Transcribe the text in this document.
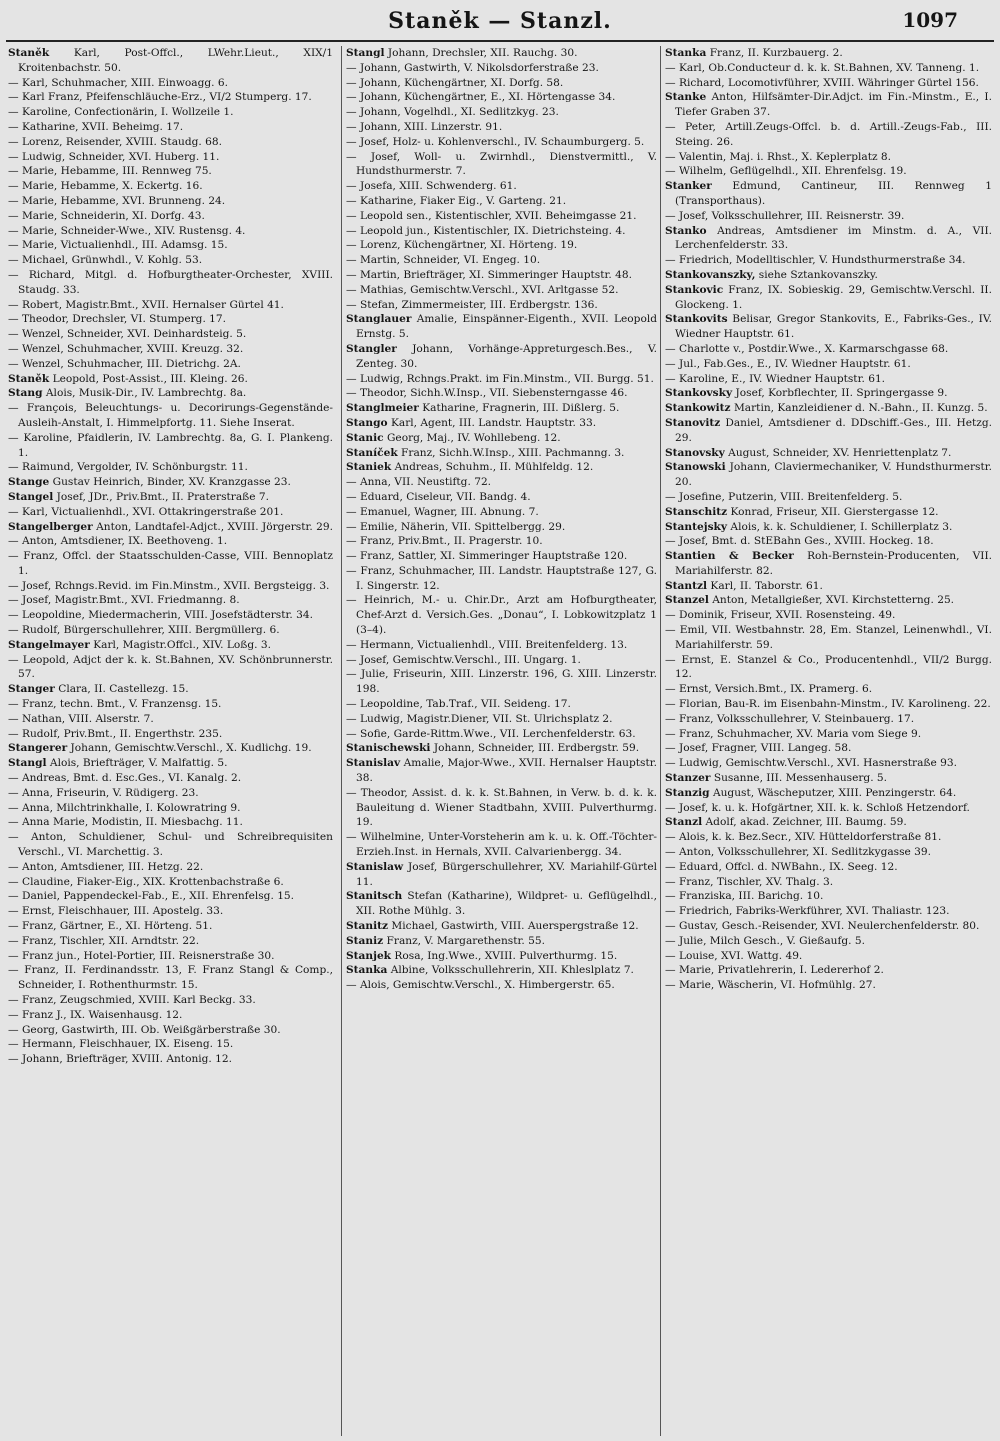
Staněk — Stanzl.	1097

Staněk Karl, Post-Offcl., LWehr.Lieut., XIX/1 Kroitenbachstr. 50.

— Karl, Schuhmacher, XIII. Einwoagg. 6.

— Karl Franz, Pfeifenschläuche-Erz., VI/2 Stumperg. 17.

— Karoline, Confectionärin, I. Wollzeile 1.

— Katharine, XVII. Beheimg. 17.

— Lorenz, Reisender, XVIII. Staudg. 68.

— Ludwig, Schneider, XVI. Huberg. 11.

— Marie, Hebamme, III. Rennweg 75.

— Marie, Hebamme, X. Eckertg. 16.

— Marie, Hebamme, XVI. Brunneng. 24.

— Marie, Schneiderin, XI. Dorfg. 43.

— Marie, Schneider-Wwe., XIV. Rustensg. 4.

— Marie, Victualienhdl., III. Adamsg. 15.

— Michael, Grünwhdl., V. Kohlg. 53.

— Richard, Mitgl. d. Hofburgtheater-Orchester, XVIII. Staudg. 33.

— Robert, Magistr.Bmt., XVII. Hernalser Gürtel 41.

— Theodor, Drechsler, VI. Stumperg. 17.

— Wenzel, Schneider, XVI. Deinhardsteig. 5.

— Wenzel, Schuhmacher, XVIII. Kreuzg. 32.

— Wenzel, Schuhmacher, III. Dietrichg. 2A.

Staněk Leopold, Post-Assist., III. Kleing. 26.

Stang Alois, Musik-Dir., IV. Lambrechtg. 8a.

— François, Beleuchtungs- u. Decorirungs-Gegenstände-Ausleih-Anstalt, I. Himmelpfortg. 11. Siehe Inserat.

— Karoline, Pfaidlerin, IV. Lambrechtg. 8a, G. I. Plankeng. 1.

— Raimund, Vergolder, IV. Schönburgstr. 11.

Stange Gustav Heinrich, Binder, XV. Kranzgasse 23.

Stangel Josef, JDr., Priv.Bmt., II. Praterstraße 7.

— Karl, Victualienhdl., XVI. Ottakringerstraße 201.

Stangelberger Anton, Landtafel-Adjct., XVIII. Jörgerstr. 29.

— Anton, Amtsdiener, IX. Beethoveng. 1.

— Franz, Offcl. der Staatsschulden-Casse, VIII. Bennoplatz 1.

— Josef, Rchngs.Revid. im Fin.Minstm., XVII. Bergsteigg. 3.

— Josef, Magistr.Bmt., XVI. Friedmanng. 8.

— Leopoldine, Miedermacherin, VIII. Josefstädterstr. 34.

— Rudolf, Bürgerschullehrer, XIII. Bergmüllerg. 6.

Stangelmayer Karl, Magistr.Offcl., XIV. Loßg. 3.

— Leopold, Adjct der k. k. St.Bahnen, XV. Schönbrunnerstr. 57.

Stanger Clara, II. Castellezg. 15.

— Franz, techn. Bmt., V. Franzensg. 15.

— Nathan, VIII. Alserstr. 7.

— Rudolf, Priv.Bmt., II. Engerthstr. 235.

Stangerer Johann, Gemischtw.Verschl., X. Kudlichg. 19.

Stangl Alois, Briefträger, V. Malfattig. 5.

— Andreas, Bmt. d. Esc.Ges., VI. Kanalg. 2.

— Anna, Friseurin, V. Rüdigerg. 23.

— Anna, Milchtrinkhalle, I. Kolowratring 9.

— Anna Marie, Modistin, II. Miesbachg. 11.

— Anton, Schuldiener, Schul- und Schreibrequisiten Verschl., VI. Marchettig. 3.

— Anton, Amtsdiener, III. Hetzg. 22.

— Claudine, Fiaker-Eig., XIX. Krottenbachstraße 6.

— Daniel, Pappendeckel-Fab., E., XII. Ehrenfelsg. 15.

— Ernst, Fleischhauer, III. Apostelg. 33.

— Franz, Gärtner, E., XI. Hörteng. 51.

— Franz, Tischler, XII. Arndtstr. 22.

— Franz jun., Hotel-Portier, III. Reisnerstraße 30.

— Franz, II. Ferdinandsstr. 13, F. Franz Stangl & Comp., Schneider, I. Rothenthurmstr. 15.

— Franz, Zeugschmied, XVIII. Karl Beckg. 33.

— Franz J., IX. Waisenhausg. 12.

— Georg, Gastwirth, III. Ob. Weißgärberstraße 30.

— Hermann, Fleischhauer, IX. Eiseng. 15.

— Johann, Briefträger, XVIII. Antonig. 12.

Stangl Johann, Drechsler, XII. Rauchg. 30.

— Johann, Gastwirth, V. Nikolsdorferstraße 23.

— Johann, Küchengärtner, XI. Dorfg. 58.

— Johann, Küchengärtner, E., XI. Hörtengasse 34.

— Johann, Vogelhdl., XI. Sedlitzkyg. 23.

— Johann, XIII. Linzerstr. 91.

— Josef, Holz- u. Kohlenverschl., IV. Schaumburgerg. 5.

— Josef, Woll- u. Zwirnhdl., Dienstvermittl., V. Hundsthurmerstr. 7.

— Josefa, XIII. Schwenderg. 61.

— Katharine, Fiaker Eig., V. Garteng. 21.

— Leopold sen., Kistentischler, XVII. Beheimgasse 21.

— Leopold jun., Kistentischler, IX. Dietrichsteing. 4.

— Lorenz, Küchengärtner, XI. Hörteng. 19.

— Martin, Schneider, VI. Engeg. 10.

— Martin, Briefträger, XI. Simmeringer Hauptstr. 48.

— Mathias, Gemischtw.Verschl., XVI. Arltgasse 52.

— Stefan, Zimmermeister, III. Erdbergstr. 136.

Stanglauer Amalie, Einspänner-Eigenth., XVII. Leopold Ernstg. 5.

Stangler Johann, Vorhänge-Appreturgesch.Bes., V. Zenteg. 30.

— Ludwig, Rchngs.Prakt. im Fin.Minstm., VII. Burgg. 51.

— Theodor, Sichh.W.Insp., VII. Siebensterngasse 46.

Stanglmeier Katharine, Fragnerin, III. Dißlerg. 5.

Stango Karl, Agent, III. Landstr. Hauptstr. 33.

Stanic Georg, Maj., IV. Wohllebeng. 12.

Staníček Franz, Sichh.W.Insp., XIII. Pachmanng. 3.

Staniek Andreas, Schuhm., II. Mühlfeldg. 12.

— Anna, VII. Neustiftg. 72.

— Eduard, Ciseleur, VII. Bandg. 4.

— Emanuel, Wagner, III. Abnung. 7.

— Emilie, Näherin, VII. Spittelbergg. 29.

— Franz, Priv.Bmt., II. Pragerstr. 10.

— Franz, Sattler, XI. Simmeringer Hauptstraße 120.

— Franz, Schuhmacher, III. Landstr. Hauptstraße 127, G. I. Singerstr. 12.

— Heinrich, M.- u. Chir.Dr., Arzt am Hofburgtheater, Chef-Arzt d. Versich.Ges. „Donau“, I. Lobkowitzplatz 1 (3–4).

— Hermann, Victualienhdl., VIII. Breitenfelderg. 13.

— Josef, Gemischtw.Verschl., III. Ungarg. 1.

— Julie, Friseurin, XIII. Linzerstr. 196, G. XIII. Linzerstr. 198.

— Leopoldine, Tab.Traf., VII. Seideng. 17.

— Ludwig, Magistr.Diener, VII. St. Ulrichsplatz 2.

— Sofie, Garde-Rittm.Wwe., VII. Lerchenfelderstr. 63.

Stanischewski Johann, Schneider, III. Erdbergstr. 59.

Stanislav Amalie, Major-Wwe., XVII. Hernalser Hauptstr. 38.

— Theodor, Assist. d. k. k. St.Bahnen, in Verw. b. d. k. k. Bauleitung d. Wiener Stadtbahn, XVIII. Pulverthurmg. 19.

— Wilhelmine, Unter-Vorsteherin am k. u. k. Off.-Töchter-Erzieh.Inst. in Hernals, XVII. Calvarienbergg. 34.

Stanislaw Josef, Bürgerschullehrer, XV. Mariahilf-Gürtel 11.

Stanitsch Stefan (Katharine), Wildpret- u. Geflügelhdl., XII. Rothe Mühlg. 3.

Stanitz Michael, Gastwirth, VIII. Auerspergstraße 12.

Staniz Franz, V. Margarethenstr. 55.

Stanjek Rosa, Ing.Wwe., XVIII. Pulverthurmg. 15.

Stanka Albine, Volksschullehrerin, XII. Khleslplatz 7.

— Alois, Gemischtw.Verschl., X. Himbergerstr. 65.

Stanka Franz, II. Kurzbauerg. 2.

— Karl, Ob.Conducteur d. k. k. St.Bahnen, XV. Tanneng. 1.

— Richard, Locomotivführer, XVIII. Währinger Gürtel 156.

Stanke Anton, Hilfsämter-Dir.Adjct. im Fin.-Minstm., E., I. Tiefer Graben 37.

— Peter, Artill.Zeugs-Offcl. b. d. Artill.-Zeugs-Fab., III. Steing. 26.

— Valentin, Maj. i. Rhst., X. Keplerplatz 8.

— Wilhelm, Geflügelhdl., XII. Ehrenfelsg. 19.

Stanker Edmund, Cantineur, III. Rennweg 1 (Transporthaus).

— Josef, Volksschullehrer, III. Reisnerstr. 39.

Stanko Andreas, Amtsdiener im Minstm. d. A., VII. Lerchenfelderstr. 33.

— Friedrich, Modelltischler, V. Hundsthurmerstraße 34.

Stankovanszky, siehe Sztankovanszky.

Stankovic Franz, IX. Sobieskig. 29, Gemischtw.Verschl. II. Glockeng. 1.

Stankovits Belisar, Gregor Stankovits, E., Fabriks-Ges., IV. Wiedner Hauptstr. 61.

— Charlotte v., Postdir.Wwe., X. Karmarschgasse 68.

— Jul., Fab.Ges., E., IV. Wiedner Hauptstr. 61.

— Karoline, E., IV. Wiedner Hauptstr. 61.

Stankovsky Josef, Korbflechter, II. Springergasse 9.

Stankowitz Martin, Kanzleidiener d. N.-Bahn., II. Kunzg. 5.

Stanovitz Daniel, Amtsdiener d. DDschiff.-Ges., III. Hetzg. 29.

Stanovsky August, Schneider, XV. Henriettenplatz 7.

Stanowski Johann, Claviermechaniker, V. Hundsthurmerstr. 20.

— Josefine, Putzerin, VIII. Breitenfelderg. 5.

Stanschitz Konrad, Friseur, XII. Gierstergasse 12.

Stantejsky Alois, k. k. Schuldiener, I. Schillerplatz 3.

— Josef, Bmt. d. StEBahn Ges., XVIII. Hockeg. 18.

Stantien & Becker Roh-Bernstein-Producenten, VII. Mariahilferstr. 82.

Stantzl Karl, II. Taborstr. 61.

Stanzel Anton, Metallgießer, XVI. Kirchstetterng. 25.

— Dominik, Friseur, XVII. Rosensteing. 49.

— Emil, VII. Westbahnstr. 28, Em. Stanzel, Leinenwhdl., VI. Mariahilferstr. 59.

— Ernst, E. Stanzel & Co., Producentenhdl., VII/2 Burgg. 12.

— Ernst, Versich.Bmt., IX. Pramerg. 6.

— Florian, Bau-R. im Eisenbahn-Minstm., IV. Karolineng. 22.

— Franz, Volksschullehrer, V. Steinbauerg. 17.

— Franz, Schuhmacher, XV. Maria vom Siege 9.

— Josef, Fragner, VIII. Langeg. 58.

— Ludwig, Gemischtw.Verschl., XVI. Hasnerstraße 93.

Stanzer Susanne, III. Messenhauserg. 5.

Stanzig August, Wäscheputzer, XIII. Penzingerstr. 64.

— Josef, k. u. k. Hofgärtner, XII. k. k. Schloß Hetzendorf.

Stanzl Adolf, akad. Zeichner, III. Baumg. 59.

— Alois, k. k. Bez.Secr., XIV. Hütteldorferstraße 81.

— Anton, Volksschullehrer, XI. Sedlitzkygasse 39.

— Eduard, Offcl. d. NWBahn., IX. Seeg. 12.

— Franz, Tischler, XV. Thalg. 3.

— Franziska, III. Barichg. 10.

— Friedrich, Fabriks-Werkführer, XVI. Thaliastr. 123.

— Gustav, Gesch.-Reisender, XVI. Neulerchenfelderstr. 80.

— Julie, Milch Gesch., V. Gießaufg. 5.

— Louise, XVI. Wattg. 49.

— Marie, Privatlehrerin, I. Ledererhof 2.

— Marie, Wäscherin, VI. Hofmühlg. 27.
